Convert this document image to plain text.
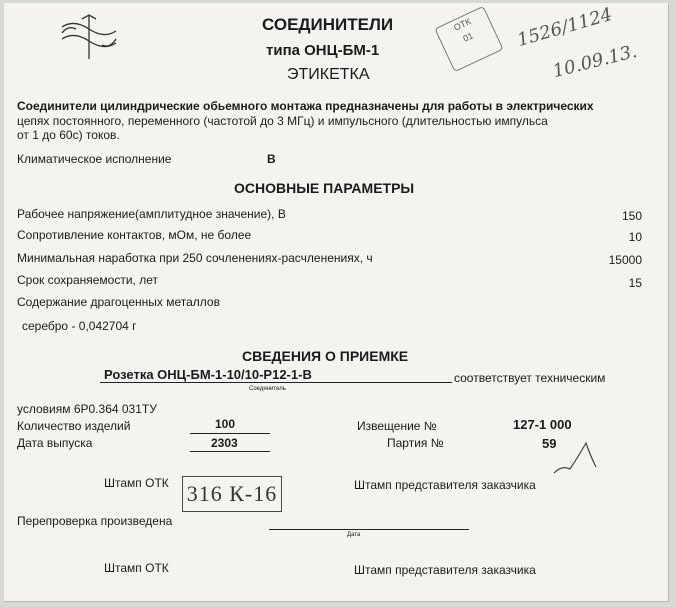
СОЕДИНИТЕЛИ
типа ОНЦ-БМ-1
ЭТИКЕТКА
ОТК
01	1526/1124
10.09.13.
Соединители цилиндрические обьемного монтажа предназначены для работы в электрических
цепях постоянного, переменного (частотой до 3 МГц) и импульсного (длительностью импульса
от 1 до 60с) токов.
Климатическое исполнение	В
ОСНОВНЫЕ ПАРАМЕТРЫ
Рабочее напряжение(амплитудное значение), В	150
Сопротивление контактов, мОм, не более	10
Минимальная наработка при 250 сочленениях-расчленениях, ч	15000
Срок сохраняемости, лет	15
Содержание драгоценных металлов
серебро - 0,042704 г
СВЕДЕНИЯ О ПРИЕМКЕ
Розетка ОНЦ-БМ-1-10/10-Р12-1-В
Соединитель
соответствует техническим
условиям 6Р0.364 031ТУ
Количество изделий	100
Дата выпуска	2303
Извещение №	127-1 000
Партия №	59
Штамп ОТК 316 К-16	Штамп представителя заказчика
Перепроверка произведена
Дата
Штамп ОТК	Штамп представителя заказчика
